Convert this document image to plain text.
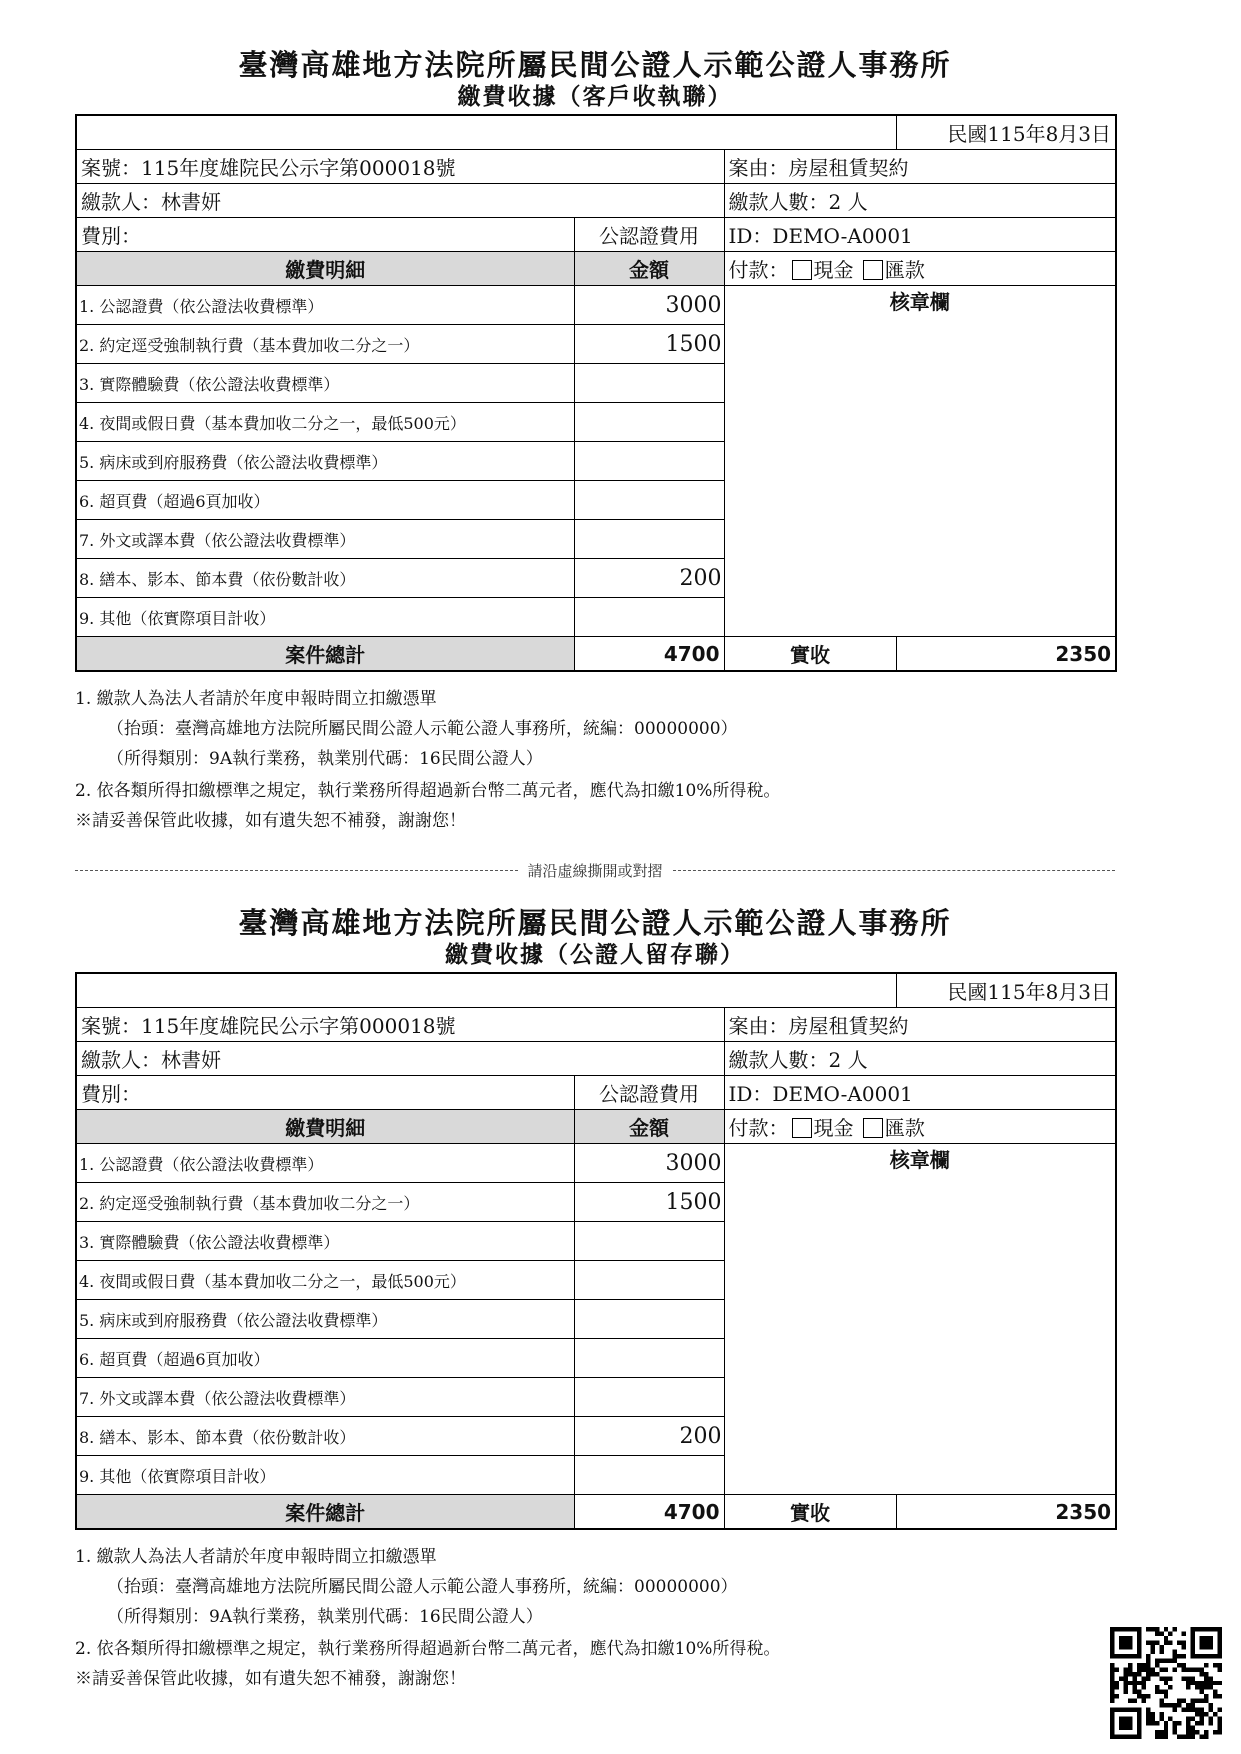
臺灣高雄地方法院所屬民間公證人示範公證人事務所
繳費收據（客戶收執聯）
			民國115年8月3日
案號：115年度雄院民公示字第000018號		案由：房屋租賃契約	
繳款人：林書妍		繳款人數：2 人	
費別：	公認證費用	ID：DEMO-A0001	
繳費明細	金額	付款： 現金 匯款	
1. 公認證費（依公證法收費標準）	3000	核章欄	
2. 約定逕受強制執行費（基本費加收二分之一）	1500		
3. 實際體驗費（依公證法收費標準）			
4. 夜間或假日費（基本費加收二分之一，最低500元）			
5. 病床或到府服務費（依公證法收費標準）			
6. 超頁費（超過6頁加收）			
7. 外文或譯本費（依公證法收費標準）			
8. 繕本、影本、節本費（依份數計收）	200		
9. 其他（依實際項目計收）			
案件總計	4700	實收	2350
1. 繳款人為法人者請於年度申報時間立扣繳憑單
（抬頭：臺灣高雄地方法院所屬民間公證人示範公證人事務所，統編：00000000）
（所得類別：9A執行業務，執業別代碼：16民間公證人）
2. 依各類所得扣繳標準之規定，執行業務所得超過新台幣二萬元者，應代為扣繳10%所得稅。
※請妥善保管此收據，如有遺失恕不補發，謝謝您！
請沿虛線撕開或對摺
臺灣高雄地方法院所屬民間公證人示範公證人事務所
繳費收據（公證人留存聯）
			民國115年8月3日
案號：115年度雄院民公示字第000018號		案由：房屋租賃契約	
繳款人：林書妍		繳款人數：2 人	
費別：	公認證費用	ID：DEMO-A0001	
繳費明細	金額	付款： 現金 匯款	
1. 公認證費（依公證法收費標準）	3000	核章欄	
2. 約定逕受強制執行費（基本費加收二分之一）	1500		
3. 實際體驗費（依公證法收費標準）			
4. 夜間或假日費（基本費加收二分之一，最低500元）			
5. 病床或到府服務費（依公證法收費標準）			
6. 超頁費（超過6頁加收）			
7. 外文或譯本費（依公證法收費標準）			
8. 繕本、影本、節本費（依份數計收）	200		
9. 其他（依實際項目計收）			
案件總計	4700	實收	2350
1. 繳款人為法人者請於年度申報時間立扣繳憑單
（抬頭：臺灣高雄地方法院所屬民間公證人示範公證人事務所，統編：00000000）
（所得類別：9A執行業務，執業別代碼：16民間公證人）
2. 依各類所得扣繳標準之規定，執行業務所得超過新台幣二萬元者，應代為扣繳10%所得稅。
※請妥善保管此收據，如有遺失恕不補發，謝謝您！
